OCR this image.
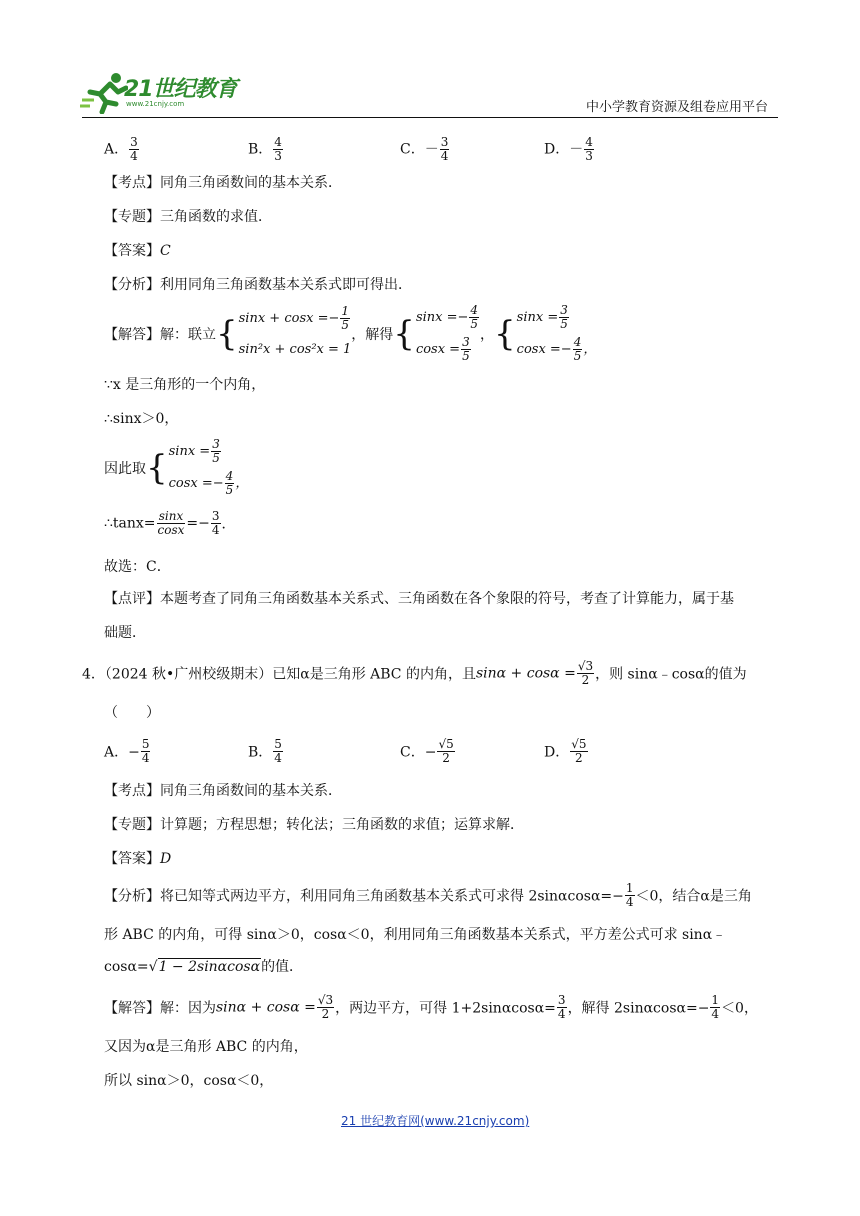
21世纪教育
www.21cnjy.com	中小学教育资源及组卷应用平台
A． $\frac{3}{4}$	B． $\frac{4}{3}$	C．－ $\frac{3}{4}$	D．－ $\frac{4}{3}$
【考点】同角三角函数间的基本关系．
【专题】三角函数的求值．
【答案】C
【分析】利用同角三角函数基本关系式即可得出．
【解答】解：联立{ $\sin x + \cos x =- \frac{1}{5}$
sin²x + cos²x = 1
，解得{ $\sin x =- \frac{4}{5}$
$\cos x = \frac{3}{5}$
，{ $\sin x = \frac{3}{5}$
$\cos x =- \frac{4}{5}$ ，
∵x 是三角形的一个内角，
∴sinx＞0，
因此取{ $\sin x = \frac{3}{5}$
$\cos x =- \frac{4}{5}$ ，
∴tanx= $\frac{\sin x}{\cos x} =- \frac{3}{4}$ ．
故选：C．
【点评】本题考查了同角三角函数基本关系式、三角函数在各个象限的符号，考查了计算能力，属于基
础题．
4．（2024 秋•广州校级期末）已知α是三角形 ABC 的内角，且$\sin\alpha + \cos\alpha = \frac{√3}{2}$ ，则 sinα﹣cosα的值为
（　　）
A．− $\frac{5}{4}$	B． $\frac{5}{4}$	C．− $\frac{√5}{2}$	D． $\frac{√5}{2}$
【考点】同角三角函数间的基本关系．
【专题】计算题；方程思想；转化法；三角函数的求值；运算求解．
【答案】D
【分析】将已知等式两边平方，利用同角三角函数基本关系式可求得 $2\sin\alpha\cos\alpha=- \frac{1}{4} <0$，结合α是三角
形 ABC 的内角，可得 sinα＞0，cosα＜0，利用同角三角函数基本关系式，平方差公式可求 sinα﹣
cosα=√1 − 2sinαcosα的值．
【解答】解：因为$\sin\alpha + \cos\alpha = \frac{√3}{2}$ ，两边平方，可得 $1+2\sin\alpha\cos\alpha= \frac{3}{4}$ ，解得 $2\sin\alpha\cos\alpha=- \frac{1}{4} <0$，
又因为α是三角形 ABC 的内角，
所以 sinα＞0，cosα＜0，
21 世纪教育网(www.21cnjy.com)
